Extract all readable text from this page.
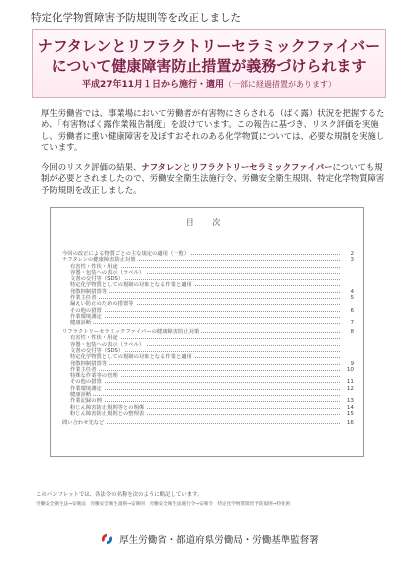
特定化学物質障害予防規則等を改正しました
ナフタレンとリフラクトリーセラミックファイバー
について健康障害防止措置が義務づけられます
平成27年11月１日から施行・適用（一部に経過措置があります）
厚生労働省では、事業場において労働者が有害物にさらされる（ばく露）状況を把握するため、「有害物ばく露作業報告制度」を設けています。この報告に基づき、リスク評価を実施し、労働者に重い健康障害を及ぼすおそれのある化学物質については、必要な規制を実施しています。
今回のリスク評価の結果、ナフタレンとリフラクトリーセラミックファイバーについても規制が必要とされましたので、労働安全衛生法施行令、労働安全衛生規則、特定化学物質障害予防規則を改正しました。
目 次
今回の改正による物質ごとの主な規定の適用（一覧）	2
ナフタレンの健康障害防止対策	3
有害性・性状・用途
容器・包装への表示（ラベル）
文書の交付等（SDS）
特定化学物質としての規制の対象となる作業と適用
発散抑制措置等	4
作業主任者	5
漏えい防止のための措置等
その他の措置	6
作業環境測定
健康診断	7
リフラクトリーセラミックファイバーの健康障害防止対策	8
有害性・性状・用途
容器・包装への表示（ラベル）
文書の交付等（SDS）
特定化学物質としての規制の対象となる作業と適用
発散抑制措置等	9
作業主任者	10
特殊な作業等の管理
その他の措置	11
作業環境測定	12
健康診断
作業記録の例	13
粉じん障害防止規則等との関係	14
粉じん障害防止規則との整理表	15
問い合わせ先など	16
このパンフレットでは、各法令の名称を次のように略記しています。
労働安全衛生法→安衛法　労働安全衛生規則→安衛則　労働安全衛生法施行令→安衛令　特定化学物質障害予防規則→特化則
厚生労働省・都道府県労働局・労働基準監督署
